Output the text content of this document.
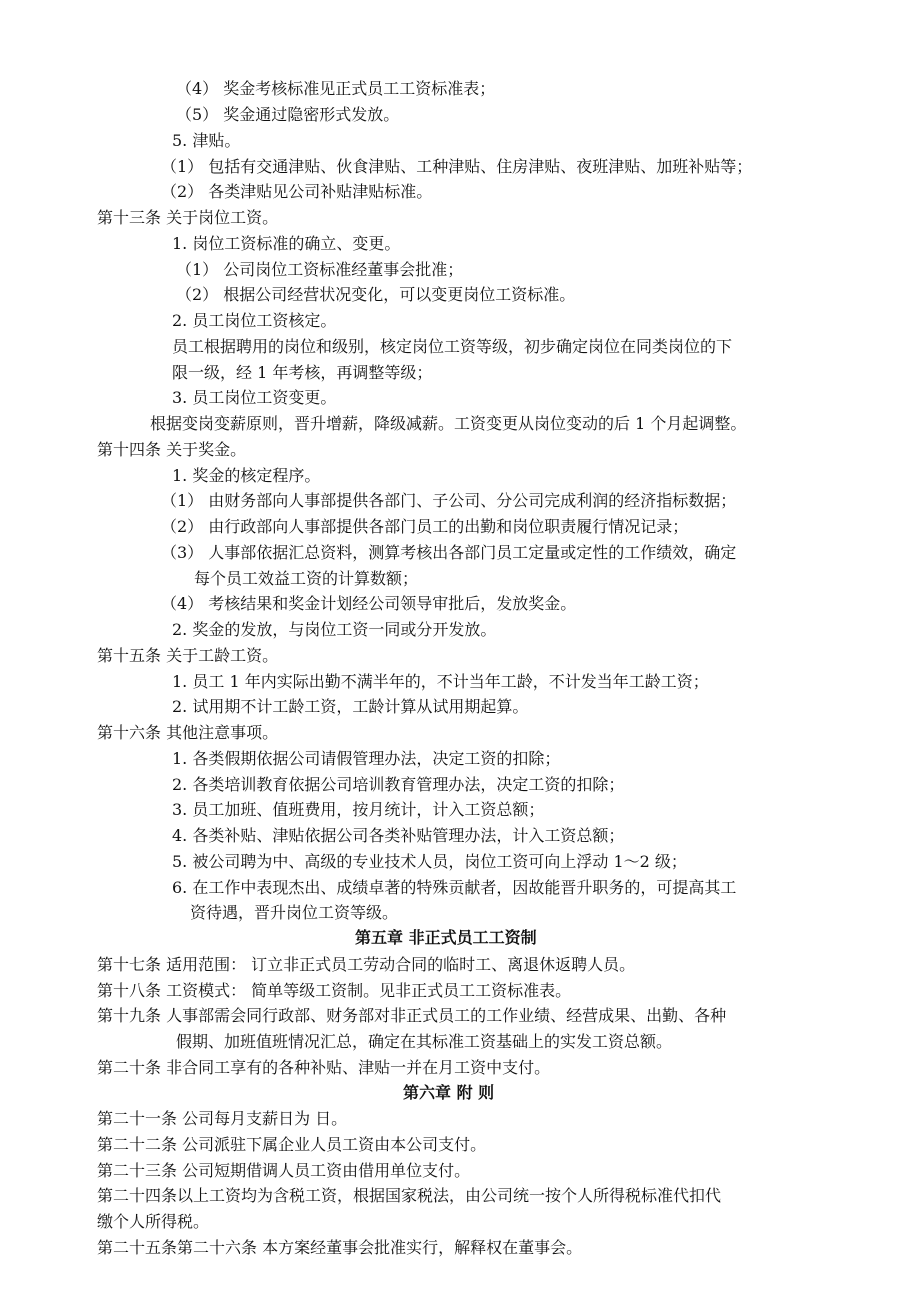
（4） 奖金考核标准见正式员工工资标准表；

（5） 奖金通过隐密形式发放。

5. 津贴。

（1） 包括有交通津贴、伙食津贴、工种津贴、住房津贴、夜班津贴、加班补贴等；

（2） 各类津贴见公司补贴津贴标准。

第十三条 关于岗位工资。

1. 岗位工资标准的确立、变更。

（1） 公司岗位工资标准经董事会批准；

（2） 根据公司经营状况变化，可以变更岗位工资标准。

2. 员工岗位工资核定。

员工根据聘用的岗位和级别，核定岗位工资等级，初步确定岗位在同类岗位的下

限一级，经 1 年考核，再调整等级；

3. 员工岗位工资变更。

根据变岗变薪原则，晋升增薪，降级减薪。工资变更从岗位变动的后 1 个月起调整。

第十四条 关于奖金。

1. 奖金的核定程序。

（1） 由财务部向人事部提供各部门、子公司、分公司完成利润的经济指标数据；

（2） 由行政部向人事部提供各部门员工的出勤和岗位职责履行情况记录；

（3） 人事部依据汇总资料，测算考核出各部门员工定量或定性的工作绩效，确定

每个员工效益工资的计算数额；

（4） 考核结果和奖金计划经公司领导审批后，发放奖金。

2. 奖金的发放，与岗位工资一同或分开发放。

第十五条 关于工龄工资。

1. 员工 1 年内实际出勤不满半年的，不计当年工龄，不计发当年工龄工资；

2. 试用期不计工龄工资，工龄计算从试用期起算。

第十六条 其他注意事项。

1. 各类假期依据公司请假管理办法，决定工资的扣除；

2. 各类培训教育依据公司培训教育管理办法，决定工资的扣除；

3. 员工加班、值班费用，按月统计，计入工资总额；

4. 各类补贴、津贴依据公司各类补贴管理办法，计入工资总额；

5. 被公司聘为中、高级的专业技术人员，岗位工资可向上浮动 1～2 级；

6. 在工作中表现杰出、成绩卓著的特殊贡献者，因故能晋升职务的，可提高其工

资待遇，晋升岗位工资等级。

第五章 非正式员工工资制

第十七条 适用范围： 订立非正式员工劳动合同的临时工、离退休返聘人员。

第十八条 工资模式： 简单等级工资制。见非正式员工工资标准表。

第十九条 人事部需会同行政部、财务部对非正式员工的工作业绩、经营成果、出勤、各种

假期、加班值班情况汇总，确定在其标准工资基础上的实发工资总额。

第二十条 非合同工享有的各种补贴、津贴一并在月工资中支付。

第六章 附 则

第二十一条 公司每月支薪日为 日。

第二十二条 公司派驻下属企业人员工资由本公司支付。

第二十三条 公司短期借调人员工资由借用单位支付。

第二十四条以上工资均为含税工资，根据国家税法，由公司统一按个人所得税标准代扣代

缴个人所得税。

第二十五条第二十六条 本方案经董事会批准实行，解释权在董事会。
